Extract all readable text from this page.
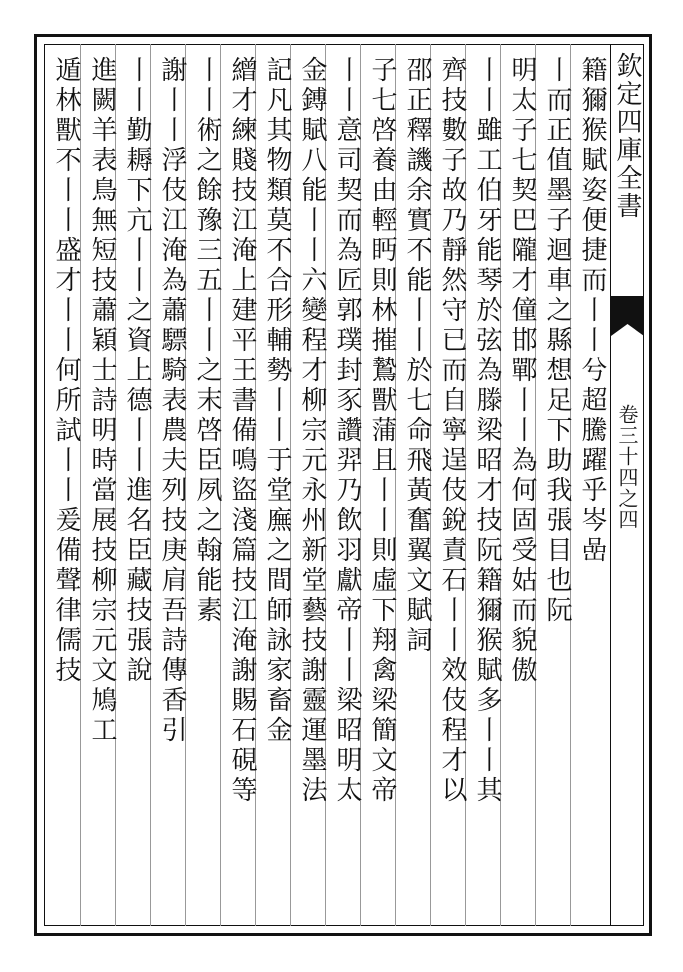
欽定四庫全書
卷三十四之四
籍獮猴賦姿便捷而丨丨兮超騰躍乎岑嵒
丨而正值墨子迴車之縣想足下助我張目也阮
明太子七契巴隴才僮邯鄲丨丨為何固受姑而貌傲
丨丨雖工伯牙能琴於弦為滕梁昭才技阮籍獮猴賦多丨丨其
齊技數子故乃靜然守已而自寧逞伎銳責石丨丨效伎程才以
邵正釋譏余實不能丨丨於七命飛黃奮翼文賦詞
子七啓養由輕眄則林摧鷙獸蒲且丨丨則虛下翔禽梁簡文帝
丨丨意司契而為匠郭璞封豕讚羿乃飲羽獻帝丨丨梁昭明太
金鎛賦八能丨丨六變程才柳宗元永州新堂藝技謝靈運墨法
記凡其物類莫不合形輔勢丨丨于堂廡之間師詠家畜金
繒才練賤技江淹上建平王書備鳴盜淺篇技江淹謝賜石硯等
丨丨術之餘豫三五丨丨之末啓臣夙之翰能素
謝丨丨浮伎江淹為蕭驃騎表農夫列技庚肩吾詩傳香引
丨丨勤耨下亢丨丨之資上德丨丨進名臣藏技張說
進闕羊表鳥無短技蕭穎士詩明時當展技柳宗元文鳩工
遁林獸不丨丨盛才丨丨何所試丨丨爰備聲律儒技
